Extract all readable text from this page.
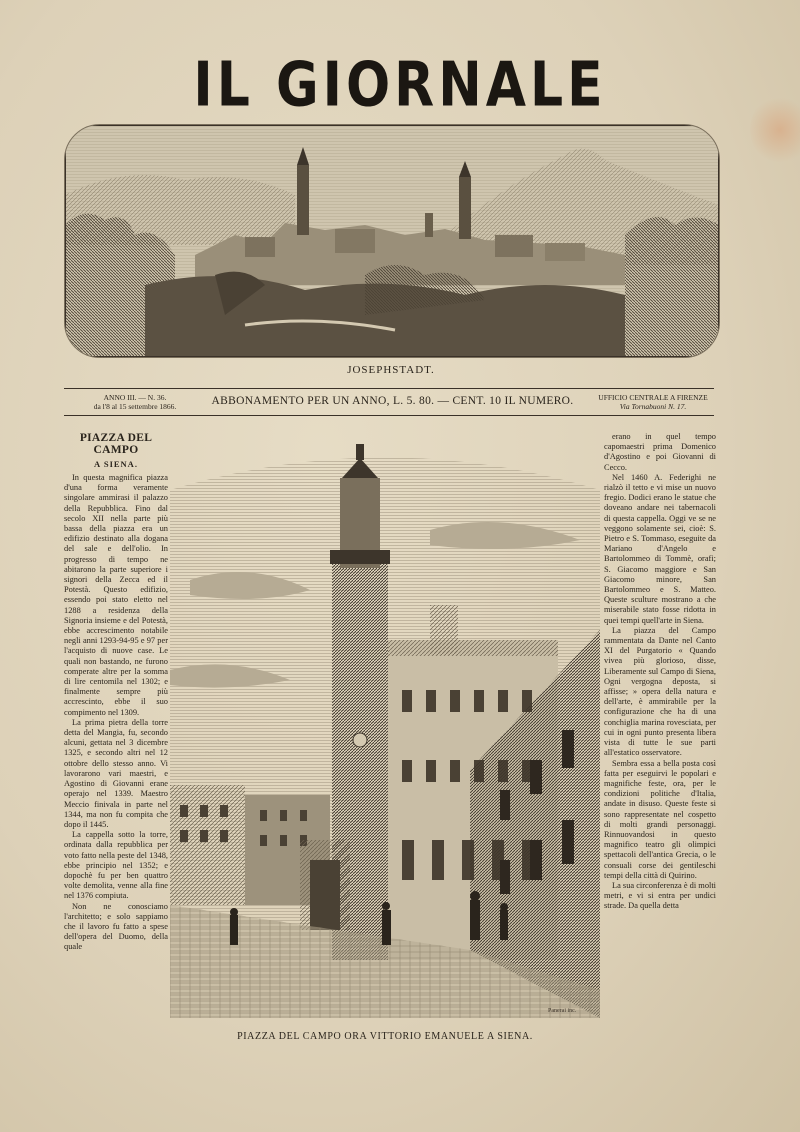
IL GIORNALE
JOSEPHSTADT.
ANNO III. — N. 36.
da l'8 al 15 settembre 1866.	ABBONAMENTO PER UN ANNO, L. 5. 80. — CENT. 10 IL NUMERO.	UFFICIO CENTRALE A FIRENZE
Via Tornabuoni N. 17.
PIAZZA DEL CAMPO
A SIENA.

In questa magnifica piazza d'una forma veramente singolare ammirasi il palazzo della Repubblica. Fino dal secolo XII nella parte più bassa della piazza era un edifizio destinato alla dogana del sale e dell'olio. In progresso di tempo ne abitarono la parte superiore i signori della Zecca ed il Potestà. Questo edifizio, essendo poi stato eletto nel 1288 a residenza della Signoria insieme e del Potestà, ebbe accrescimento notabile negli anni 1293-94-95 e 97 per l'acquisto di nuove case. Le quali non bastando, ne furono comperate altre per la somma di lire centomila nel 1302; e finalmente sempre più accrescinto, ebbe il suo compimento nel 1309.

La prima pietra della torre detta del Mangia, fu, secondo alcuni, gettata nel 3 dicembre 1325, e secondo altri nel 12 ottobre dello stesso anno. Vi lavorarono vari maestri, e Agostino di Giovanni erane operajo nel 1339. Maestro Meccio finivala in parte nel 1344, ma non fu compita che dopo il 1445.

La cappella sotto la torre, ordinata dalla repubblica per voto fatto nella peste del 1348, ebbe principio nel 1352; e dopochè fu per ben quattro volte demolita, venne alla fine nel 1376 compiuta.

Non ne conosciamo l'architetto; e solo sappiamo che il lavoro fu fatto a spese dell'opera del Duomo, della quale

Panerai inc.
PIAZZA DEL CAMPO ORA VITTORIO EMANUELE A SIENA.

erano in quel tempo capomaestri prima Domenico d'Agostino e poi Giovanni di Cecco.

Nel 1460 A. Federighi ne rialzò il tetto e vi mise un nuovo fregio. Dodici erano le statue che doveano andare nei tabernacoli di questa cappella. Oggi ve se ne veggono solamente sei, cioè: S. Pietro e S. Tommaso, eseguite da Mariano d'Angelo e Bartolommeo di Tommè, orafi; S. Giacomo maggiore e San Giacomo minore, San Bartolommeo e S. Matteo. Queste sculture mostrano a che miserabile stato fosse ridotta in quei tempi quell'arte in Siena.

La piazza del Campo rammentata da Dante nel Canto XI del Purgatorio « Quando vivea più glorioso, disse, Liberamente sul Campo di Siena, Ogni vergogna deposta, si affisse; » opera della natura e dell'arte, è ammirabile per la configurazione che ha di una conchiglia marina rovesciata, per cui in ogni punto presenta libera vista di tutte le sue parti all'estatico osservatore.

Sembra essa a bella posta così fatta per eseguirvi le popolari e magnifiche feste, ora, per le condizioni politiche d'Italia, andate in disuso. Queste feste si sono rappresentate nel cospetto di molti grandi personaggi. Rinnuovandosi in questo magnifico teatro gli olimpici spettacoli dell'antica Grecia, o le consuali corse dei gentileschi tempi della città di Quirino.

La sua circonferenza è di molti metri, e vi si entra per undici strade. Da quella detta
